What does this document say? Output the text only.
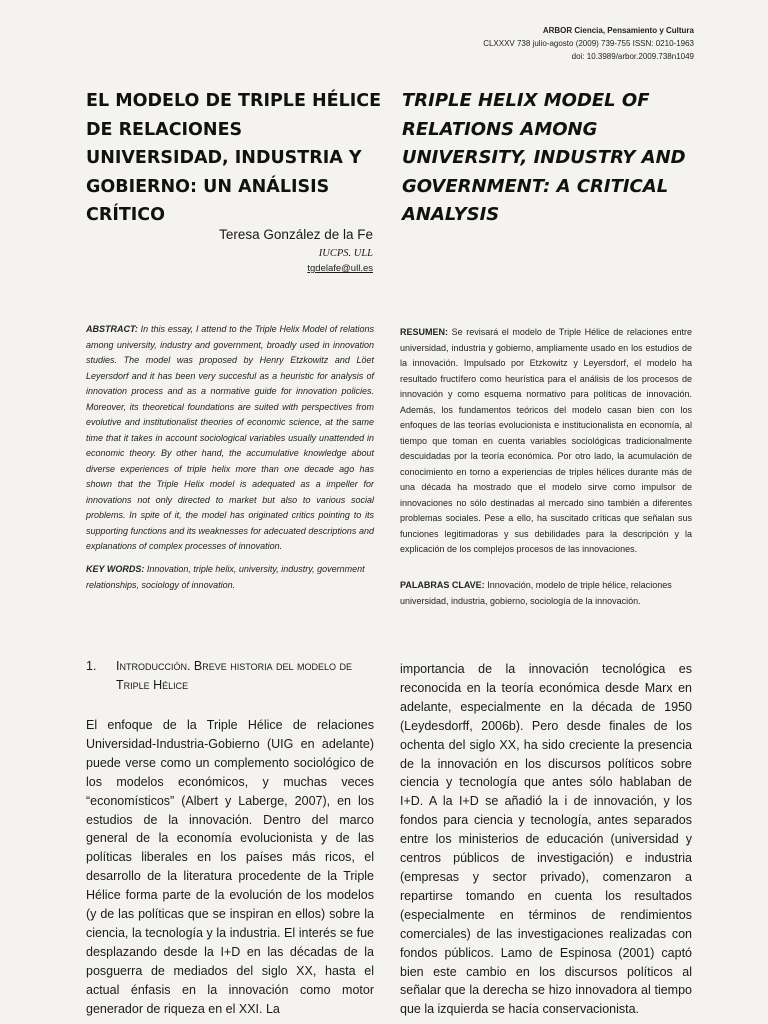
ARBOR Ciencia, Pensamiento y Cultura
CLXXXV 738 julio-agosto (2009) 739-755 ISSN: 0210-1963
doi: 10.3989/arbor.2009.738n1049
EL MODELO DE TRIPLE HÉLICE DE RELACIONES UNIVERSIDAD, INDUSTRIA Y GOBIERNO: UN ANÁLISIS CRÍTICO
TRIPLE HELIX MODEL OF RELATIONS AMONG UNIVERSITY, INDUSTRY AND GOVERNMENT: A CRITICAL ANALYSIS
Teresa González de la Fe
IUCPS. ULL
tgdelafe@ull.es
ABSTRACT: In this essay, I attend to the Triple Helix Model of relations among university, industry and government, broadly used in innovation studies. The model was proposed by Henry Etzkowitz and Löet Leyersdorf and it has been very succesful as a heuristic for analysis of innovation process and as a normative guide for innovation policies. Moreover, its theoretical foundations are suited with perspectives from evolutive and institutionalist theories of economic science, at the same time that it takes in account sociological variables usually unattended in economic theory. By other hand, the accumulative knowledge about diverse experiences of triple helix more than one decade ago has shown that the Triple Helix model is adequated as a impeller for innovations not only directed to market but also to various social problems. In spite of it, the model has originated critics pointing to its supporting functions and its weaknesses for adecuated descriptions and explanations of complex processes of innovation.
KEY WORDS: Innovation, triple helix, university, industry, government relationships, sociology of innovation.
RESUMEN: Se revisará el modelo de Triple Hélice de relaciones entre universidad, industria y gobierno, ampliamente usado en los estudios de la innovación. Impulsado por Etzkowitz y Leyersdorf, el modelo ha resultado fructífero como heurística para el análisis de los procesos de innovación y como esquema normativo para políticas de innovación. Además, los fundamentos teóricos del modelo casan bien con los enfoques de las teorías evolucionista e institucionalista en economía, al tiempo que toman en cuenta variables sociológicas tradicionalmente descuidadas por la teoría económica. Por otro lado, la acumulación de conocimiento en torno a experiencias de triples hélices durante más de una década ha mostrado que el modelo sirve como impulsor de innovaciones no sólo destinadas al mercado sino también a diferentes problemas sociales. Pese a ello, ha suscitado críticas que señalan sus funciones legitimadoras y sus debilidades para la descripción y la explicación de los complejos procesos de las innovaciones.
PALABRAS CLAVE: Innovación, modelo de triple hélice, relaciones universidad, industria, gobierno, sociología de la innovación.
1. Introducción. Breve historia del modelo de Triple Hélice

El enfoque de la Triple Hélice de relaciones Universidad-Industria-Gobierno (UIG en adelante) puede verse como un complemento sociológico de los modelos económicos, y muchas veces “economísticos” (Albert y Laberge, 2007), en los estudios de la innovación. Dentro del marco general de la economía evolucionista y de las políticas liberales en los países más ricos, el desarrollo de la literatura procedente de la Triple Hélice forma parte de la evolución de los modelos (y de las políticas que se inspiran en ellos) sobre la ciencia, la tecnología y la industria. El interés se fue desplazando desde la I+D en las décadas de la posguerra de mediados del siglo XX, hasta el actual énfasis en la innovación como motor generador de riqueza en el XXI. La

importancia de la innovación tecnológica es reconocida en la teoría económica desde Marx en adelante, especialmente en la década de 1950 (Leydesdorff, 2006b). Pero desde finales de los ochenta del siglo XX, ha sido creciente la presencia de la innovación en los discursos políticos sobre ciencia y tecnología que antes sólo hablaban de I+D. A la I+D se añadió la i de innovación, y los fondos para ciencia y tecnología, antes separados entre los ministerios de educación (universidad y centros públicos de investigación) e industria (empresas y sector privado), comenzaron a repartirse tomando en cuenta los resultados (especialmente en términos de rendimientos comerciales) de las investigaciones realizadas con fondos públicos. Lamo de Espinosa (2001) captó bien este cambio en los discursos políticos al señalar que la derecha se hizo innovadora al tiempo que la izquierda se hacía conservacionista.
